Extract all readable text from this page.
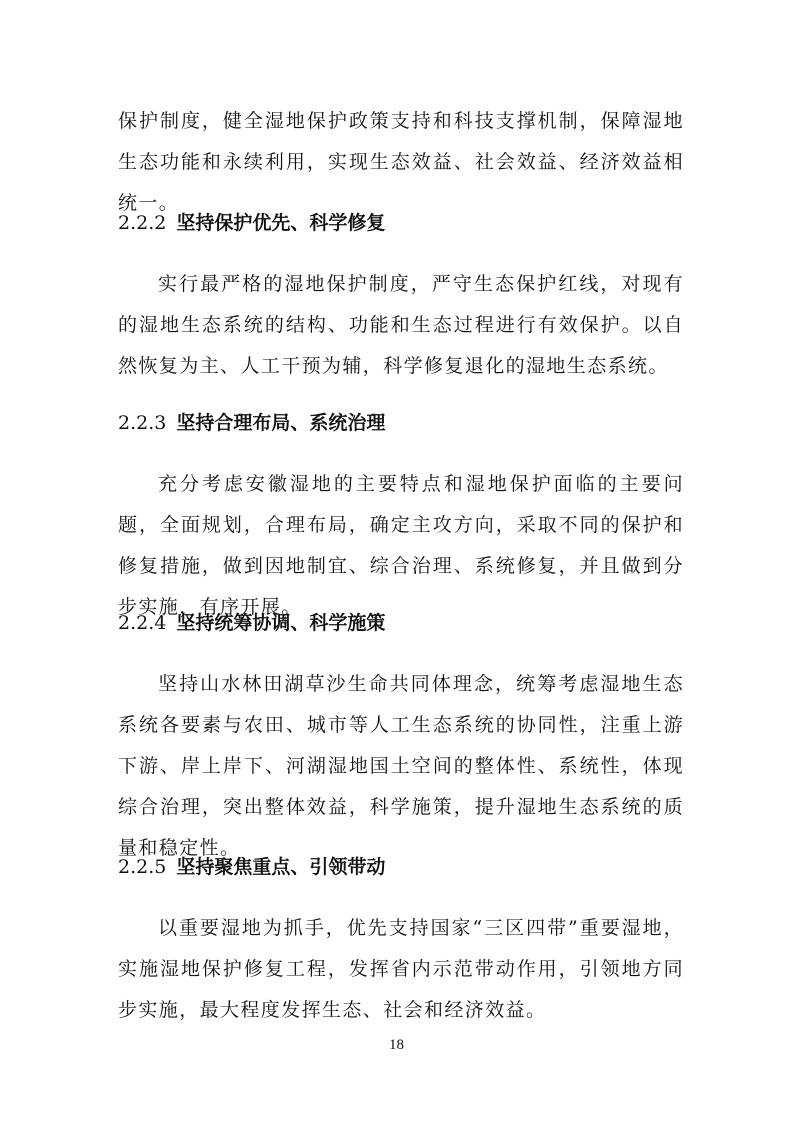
保护制度，健全湿地保护政策支持和科技支撑机制，保障湿地生态功能和永续利用，实现生态效益、社会效益、经济效益相统一。

2.2.2 坚持保护优先、科学修复

实行最严格的湿地保护制度，严守生态保护红线，对现有的湿地生态系统的结构、功能和生态过程进行有效保护。以自然恢复为主、人工干预为辅，科学修复退化的湿地生态系统。

2.2.3 坚持合理布局、系统治理

充分考虑安徽湿地的主要特点和湿地保护面临的主要问题，全面规划，合理布局，确定主攻方向，采取不同的保护和修复措施，做到因地制宜、综合治理、系统修复，并且做到分步实施，有序开展。

2.2.4 坚持统筹协调、科学施策

坚持山水林田湖草沙生命共同体理念，统筹考虑湿地生态系统各要素与农田、城市等人工生态系统的协同性，注重上游下游、岸上岸下、河湖湿地国土空间的整体性、系统性，体现综合治理，突出整体效益，科学施策，提升湿地生态系统的质量和稳定性。

2.2.5 坚持聚焦重点、引领带动

以重要湿地为抓手，优先支持国家“三区四带”重要湿地，实施湿地保护修复工程，发挥省内示范带动作用，引领地方同步实施，最大程度发挥生态、社会和经济效益。

18
